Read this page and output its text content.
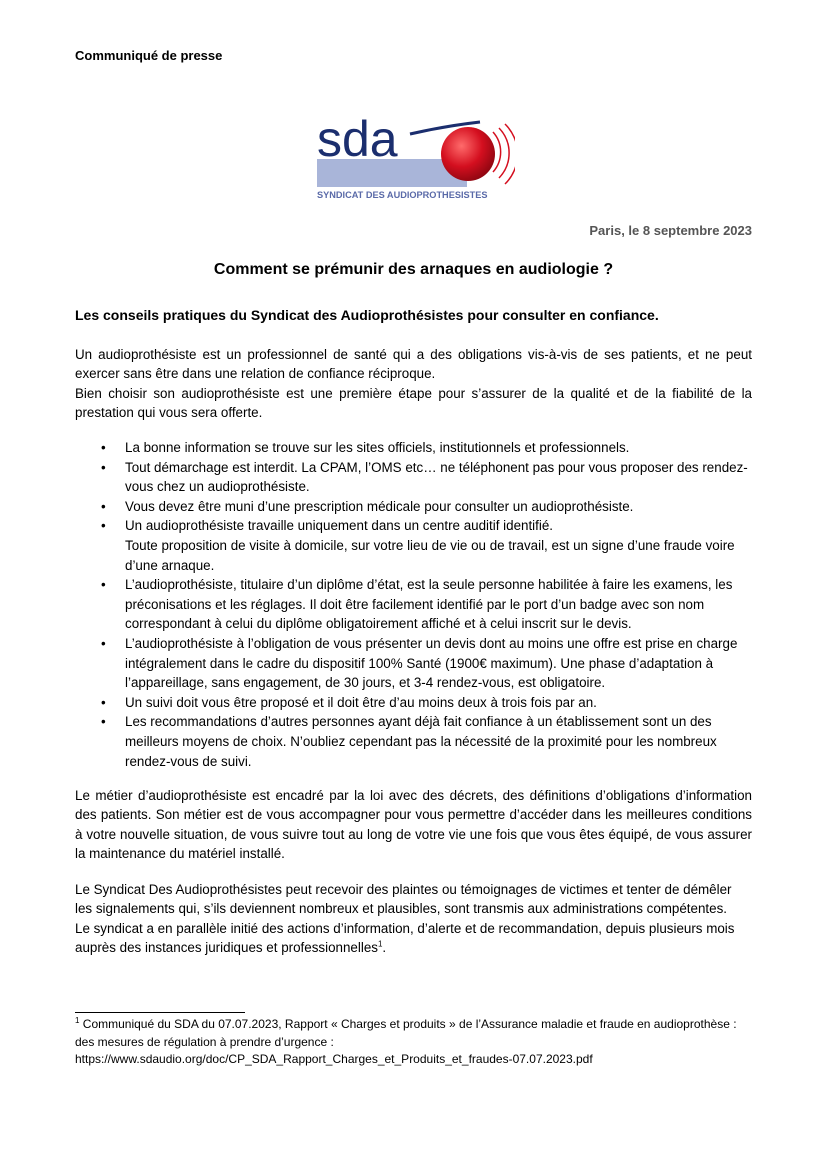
Communiqué de presse
sda
SYNDICAT DES AUDIOPROTHESISTES
Paris, le 8 septembre 2023
Comment se prémunir des arnaques en audiologie ?
Les conseils pratiques du Syndicat des Audioprothésistes pour consulter en confiance.
Un audioprothésiste est un professionnel de santé qui a des obligations vis-à-vis de ses patients, et ne peut exercer sans être dans une relation de confiance réciproque.
Bien choisir son audioprothésiste est une première étape pour s’assurer de la qualité et de la fiabilité de la prestation qui vous sera offerte.
• La bonne information se trouve sur les sites officiels, institutionnels et professionnels.
• Tout démarchage est interdit. La CPAM, l’OMS etc… ne téléphonent pas pour vous proposer des rendez-vous chez un audioprothésiste.
• Vous devez être muni d’une prescription médicale pour consulter un audioprothésiste.
• Un audioprothésiste travaille uniquement dans un centre auditif identifié.
Toute proposition de visite à domicile, sur votre lieu de vie ou de travail, est un signe d’une fraude voire d’une arnaque.
• L’audioprothésiste, titulaire d’un diplôme d’état, est la seule personne habilitée à faire les examens, les préconisations et les réglages. Il doit être facilement identifié par le port d’un badge avec son nom correspondant à celui du diplôme obligatoirement affiché et à celui inscrit sur le devis.
• L’audioprothésiste à l’obligation de vous présenter un devis dont au moins une offre est prise en charge intégralement dans le cadre du dispositif 100% Santé (1900€ maximum). Une phase d’adaptation à l’appareillage, sans engagement, de 30 jours, et 3-4 rendez-vous, est obligatoire.
• Un suivi doit vous être proposé et il doit être d’au moins deux à trois fois par an.
• Les recommandations d’autres personnes ayant déjà fait confiance à un établissement sont un des meilleurs moyens de choix. N’oubliez cependant pas la nécessité de la proximité pour les nombreux rendez-vous de suivi.
Le métier d’audioprothésiste est encadré par la loi avec des décrets, des définitions d’obligations d’information des patients. Son métier est de vous accompagner pour vous permettre d’accéder dans les meilleures conditions à votre nouvelle situation, de vous suivre tout au long de votre vie une fois que vous êtes équipé, de vous assurer la maintenance du matériel installé.
Le Syndicat Des Audioprothésistes peut recevoir des plaintes ou témoignages de victimes et tenter de démêler les signalements qui, s’ils deviennent nombreux et plausibles, sont transmis aux administrations compétentes.
Le syndicat a en parallèle initié des actions d’information, d’alerte et de recommandation, depuis plusieurs mois auprès des instances juridiques et professionnelles$^1$.
$^1$ Communiqué du SDA du 07.07.2023, Rapport « Charges et produits » de l’Assurance maladie et fraude en audioprothèse : des mesures de régulation à prendre d’urgence :
https://www.sdaudio.org/doc/CP_SDA_Rapport_Charges_et_Produits_et_fraudes-07.07.2023.pdf
